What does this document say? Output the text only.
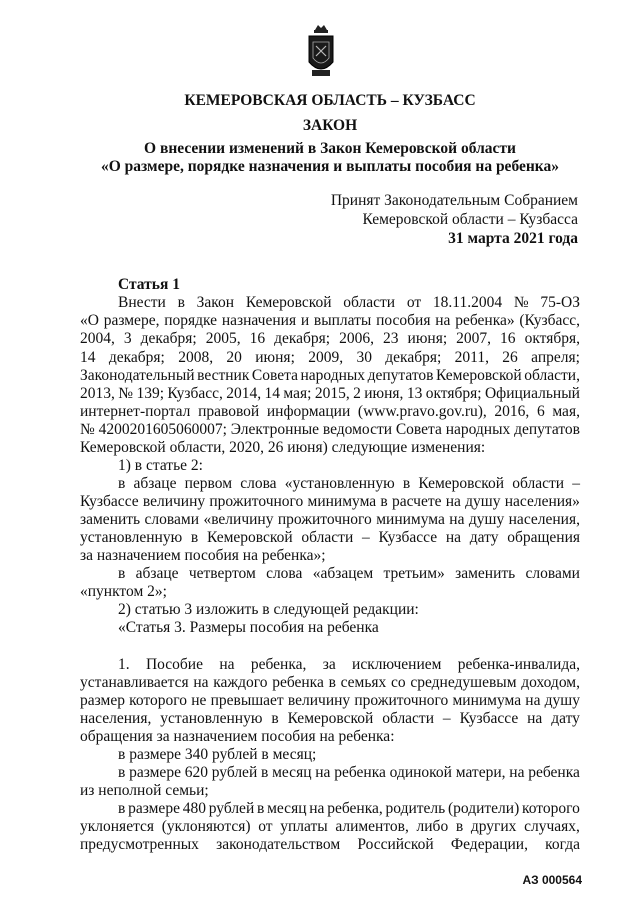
КЕМЕРОВСКАЯ ОБЛАСТЬ – КУЗБАСС
ЗАКОН
О внесении изменений в Закон Кемеровской области
«О размере, порядке назначения и выплаты пособия на ребенка»
Принят Законодательным Собранием
Кемеровской области – Кузбасса
31 марта 2021 года
Статья 1
Внести в Закон Кемеровской области от 18.11.2004 № 75-ОЗ
«О размере, порядке назначения и выплаты пособия на ребенка» (Кузбасс,
2004, 3 декабря; 2005, 16 декабря; 2006, 23 июня; 2007, 16 октября,
14 декабря; 2008, 20 июня; 2009, 30 декабря; 2011, 26 апреля;
Законодательный вестник Совета народных депутатов Кемеровской области,
2013, № 139; Кузбасс, 2014, 14 мая; 2015, 2 июня, 13 октября; Официальный
интернет-портал правовой информации (www.pravo.gov.ru), 2016, 6 мая,
№ 4200201605060007; Электронные ведомости Совета народных депутатов
Кемеровской области, 2020, 26 июня) следующие изменения:
1) в статье 2:
в абзаце первом слова «установленную в Кемеровской области –
Кузбассе величину прожиточного минимума в расчете на душу населения»
заменить словами «величину прожиточного минимума на душу населения,
установленную в Кемеровской области – Кузбассе на дату обращения
за назначением пособия на ребенка»;
в абзаце четвертом слова «абзацем третьим» заменить словами
«пунктом 2»;
2) статью 3 изложить в следующей редакции:
«Статья 3. Размеры пособия на ребенка
1. Пособие на ребенка, за исключением ребенка-инвалида,
устанавливается на каждого ребенка в семьях со среднедушевым доходом,
размер которого не превышает величину прожиточного минимума на душу
населения, установленную в Кемеровской области – Кузбассе на дату
обращения за назначением пособия на ребенка:
в размере 340 рублей в месяц;
в размере 620 рублей в месяц на ребенка одинокой матери, на ребенка
из неполной семьи;
в размере 480 рублей в месяц на ребенка, родитель (родители) которого
уклоняется (уклоняются) от уплаты алиментов, либо в других случаях,
предусмотренных законодательством Российской Федерации, когда
АЗ 000564
